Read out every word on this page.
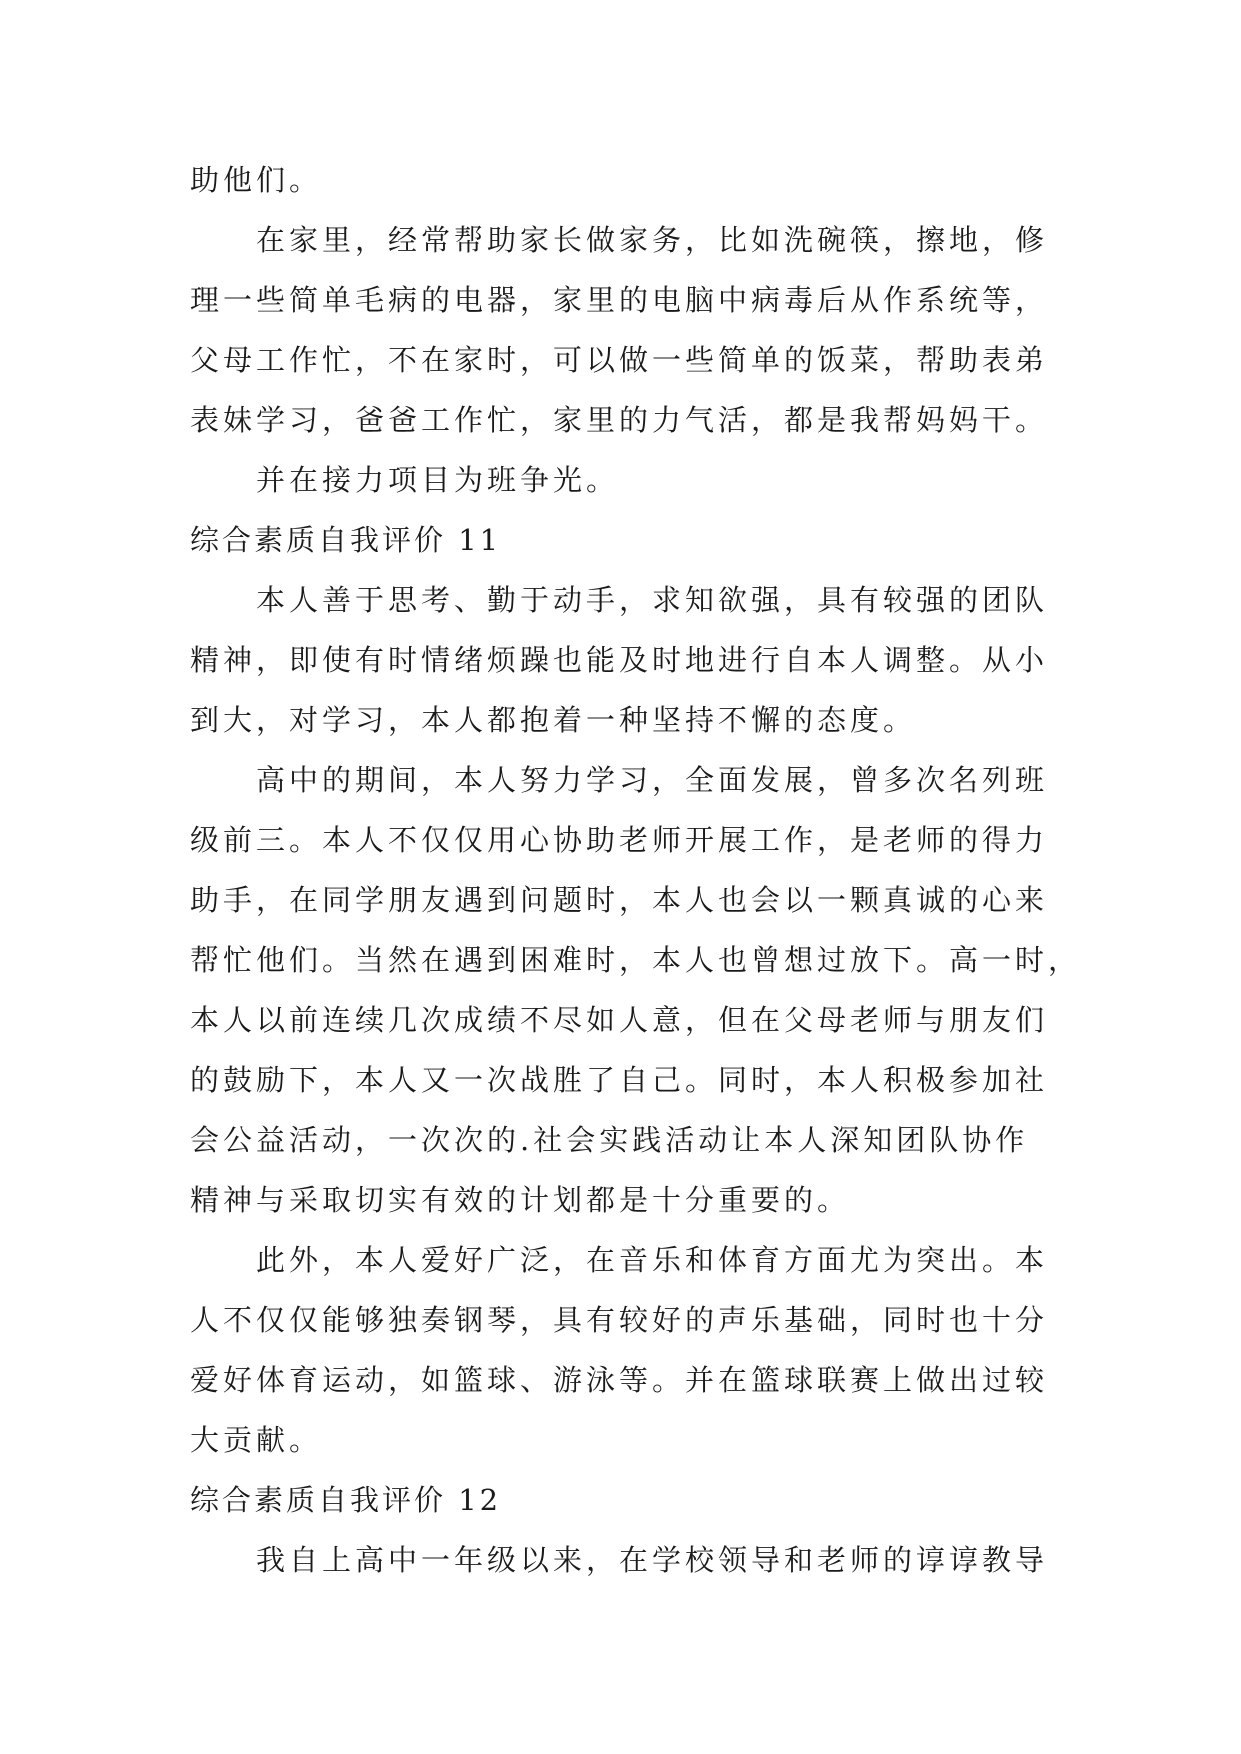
助他们。
在家里，经常帮助家长做家务，比如洗碗筷，擦地，修
理一些简单毛病的电器，家里的电脑中病毒后从作系统等，
父母工作忙，不在家时，可以做一些简单的饭菜，帮助表弟
表妹学习，爸爸工作忙，家里的力气活，都是我帮妈妈干。
并在接力项目为班争光。
综合素质自我评价 11
本人善于思考、勤于动手，求知欲强，具有较强的团队
精神，即使有时情绪烦躁也能及时地进行自本人调整。从小
到大，对学习，本人都抱着一种坚持不懈的态度。
高中的期间，本人努力学习，全面发展，曾多次名列班
级前三。本人不仅仅用心协助老师开展工作，是老师的得力
助手，在同学朋友遇到问题时，本人也会以一颗真诚的心来
帮忙他们。当然在遇到困难时，本人也曾想过放下。高一时，
本人以前连续几次成绩不尽如人意，但在父母老师与朋友们
的鼓励下，本人又一次战胜了自己。同时，本人积极参加社
会公益活动，一次次的.社会实践活动让本人深知团队协作
精神与采取切实有效的计划都是十分重要的。
此外，本人爱好广泛，在音乐和体育方面尤为突出。本
人不仅仅能够独奏钢琴，具有较好的声乐基础，同时也十分
爱好体育运动，如篮球、游泳等。并在篮球联赛上做出过较
大贡献。
综合素质自我评价 12
我自上高中一年级以来，在学校领导和老师的谆谆教导
